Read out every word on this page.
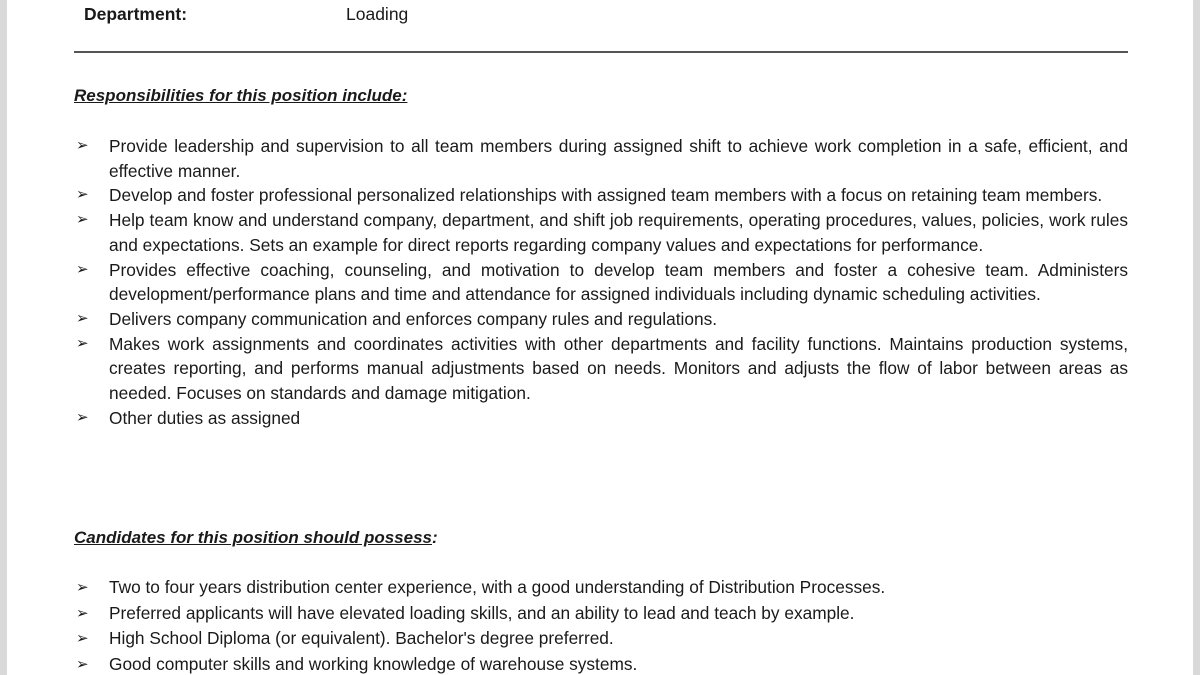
Department:	Loading
Responsibilities for this position include:
➢ Provide leadership and supervision to all team members during assigned shift to achieve work completion in a safe, efficient, and effective manner.
➢ Develop and foster professional personalized relationships with assigned team members with a focus on retaining team members.
➢ Help team know and understand company, department, and shift job requirements, operating procedures, values, policies, work rules and expectations. Sets an example for direct reports regarding company values and expectations for performance.
➢ Provides effective coaching, counseling, and motivation to develop team members and foster a cohesive team. Administers development/performance plans and time and attendance for assigned individuals including dynamic scheduling activities.
➢ Delivers company communication and enforces company rules and regulations.
➢ Makes work assignments and coordinates activities with other departments and facility functions. Maintains production systems, creates reporting, and performs manual adjustments based on needs. Monitors and adjusts the flow of labor between areas as needed. Focuses on standards and damage mitigation.
➢ Other duties as assigned
Candidates for this position should possess:
➢ Two to four years distribution center experience, with a good understanding of Distribution Processes.
➢ Preferred applicants will have elevated loading skills, and an ability to lead and teach by example.
➢ High School Diploma (or equivalent). Bachelor's degree preferred.
➢ Good computer skills and working knowledge of warehouse systems.
